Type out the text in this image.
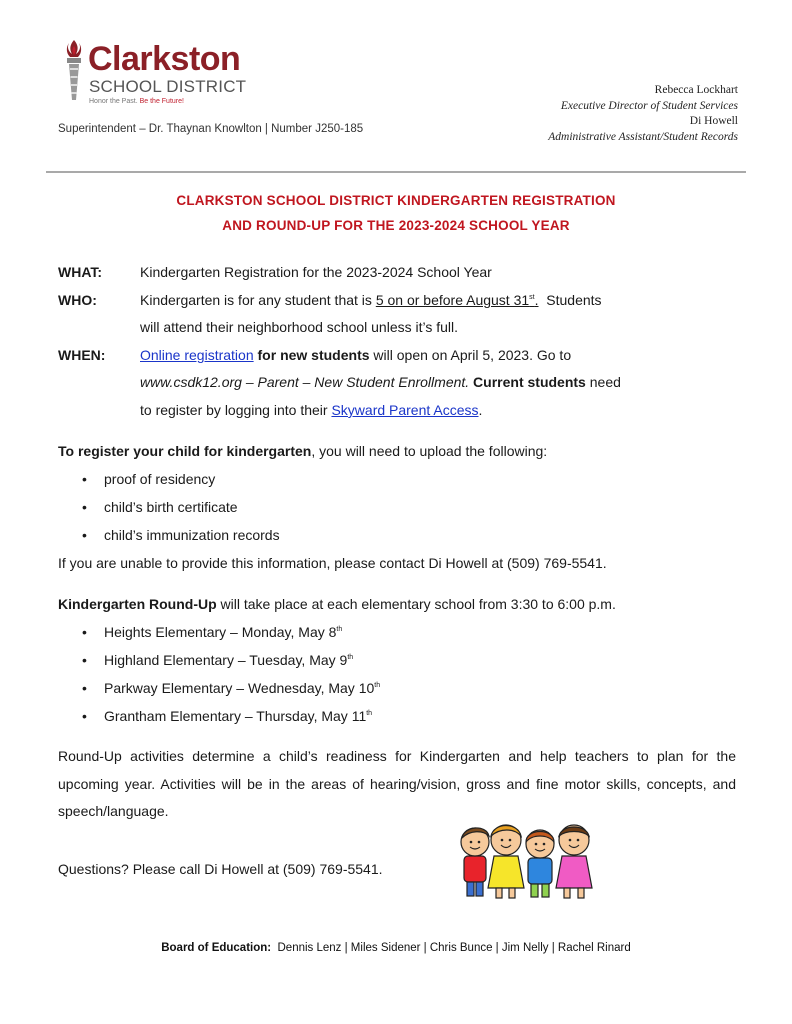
Clarkston
SCHOOL DISTRICT
Honor the Past. Be the Future!
Superintendent – Dr. Thaynan Knowlton | Number J250-185
Rebecca Lockhart
Executive Director of Student Services
Di Howell
Administrative Assistant/Student Records
CLARKSTON SCHOOL DISTRICT KINDERGARTEN REGISTRATION
AND ROUND-UP FOR THE 2023-2024 SCHOOL YEAR
WHAT:	Kindergarten Registration for the 2023-2024 School Year
WHO:	Kindergarten is for any student that is 5 on or before August 31st.  Students
will attend their neighborhood school unless it’s full.
WHEN: Online registration for new students will open on April 5, 2023. Go to
www.csdk12.org – Parent – New Student Enrollment. Current students need
to register by logging into their Skyward Parent Access.
To register your child for kindergarten, you will need to upload the following:
• proof of residency
• child’s birth certificate
• child’s immunization records
If you are unable to provide this information, please contact Di Howell at (509) 769-5541.
Kindergarten Round-Up will take place at each elementary school from 3:30 to 6:00 p.m.
• Heights Elementary – Monday, May 8th
• Highland Elementary – Tuesday, May 9th
• Parkway Elementary – Wednesday, May 10th
• Grantham Elementary – Thursday, May 11th
Round-Up activities determine a child’s readiness for Kindergarten and help teachers to plan for the upcoming year. Activities will be in the areas of hearing/vision, gross and fine motor skills, concepts, and speech/language.
Questions? Please call Di Howell at (509) 769-5541.
Board of Education: Dennis Lenz | Miles Sidener | Chris Bunce | Jim Nelly | Rachel Rinard
